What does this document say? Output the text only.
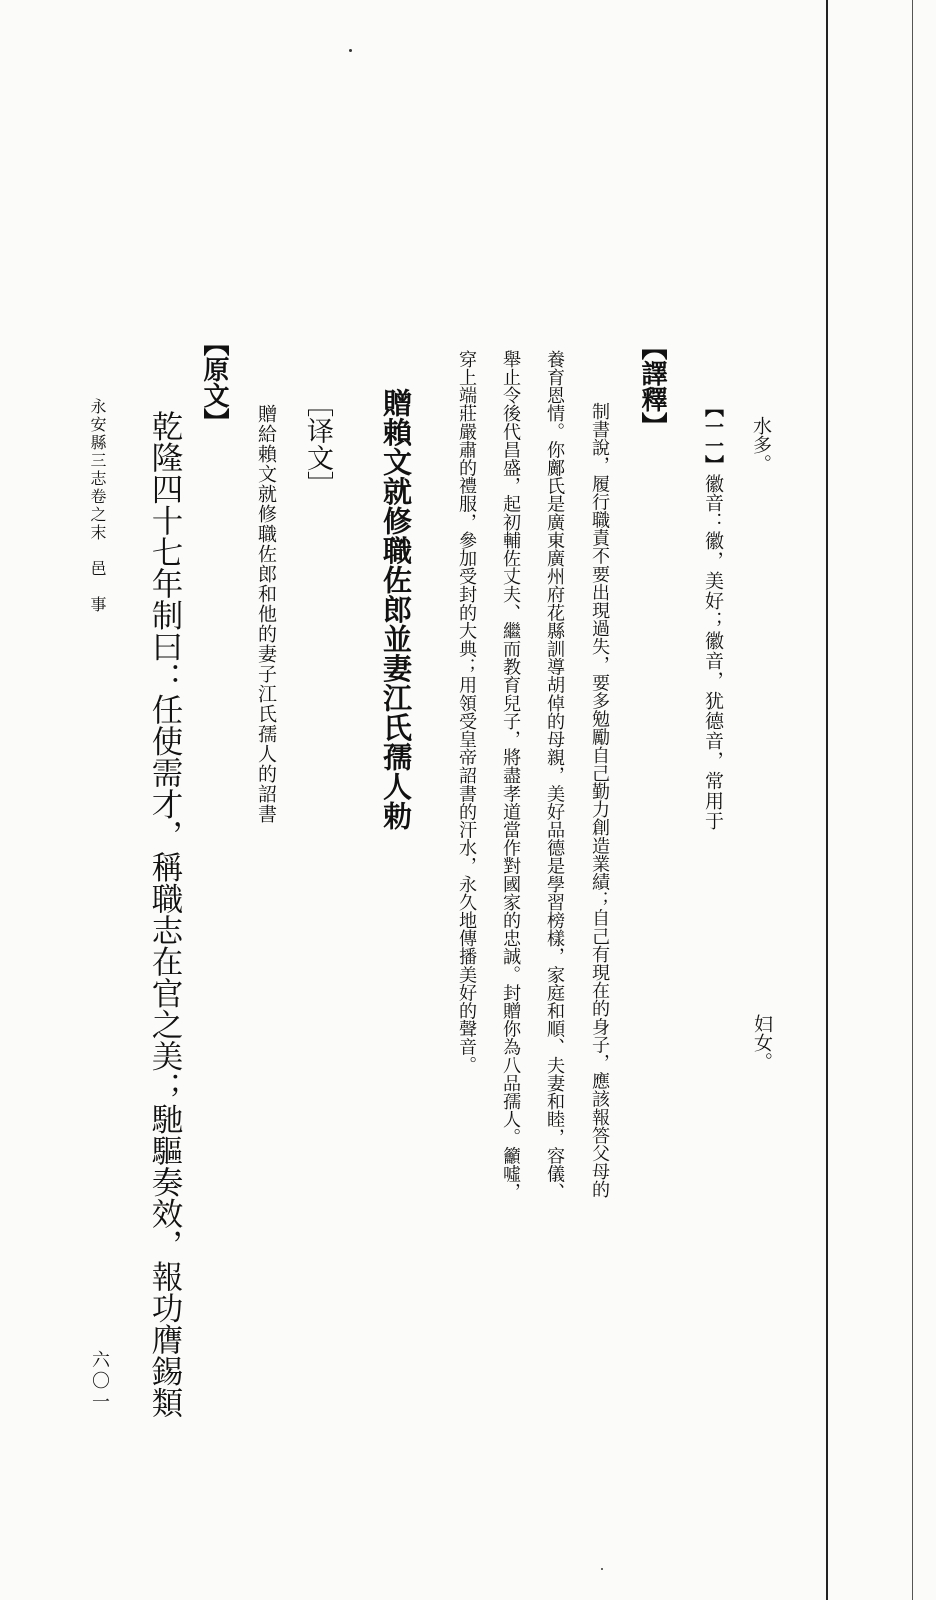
水多。

【一一】徽音：徽，美好；徽音，犹德音，常用于

妇女。

【譯釋】

制書說，履行職責不要出現過失，要多勉勵自己勤力創造業績；自己有現在的身子，應該報答父母的

養育恩情。你鄺氏是廣東廣州府花縣訓導胡倬的母親，美好品德是學習榜樣，家庭和順、夫妻和睦，容儀、

舉止令後代昌盛，起初輔佐丈夫、繼而教育兒子，將盡孝道當作對國家的忠誠。封贈你為八品孺人。籲噓，

穿上端莊嚴肅的禮服，參加受封的大典；用領受皇帝詔書的汗水，永久地傳播美好的聲音。

贈賴文就修職佐郎並妻江氏孺人勅

［译文］

贈給賴文就修職佐郎和他的妻子江氏孺人的詔書

【原文】

乾隆四十七年制曰：任使需才，稱職志在官之美；馳驅奏效，報功膺錫類

永安縣三志卷之末　邑　事

六〇一
